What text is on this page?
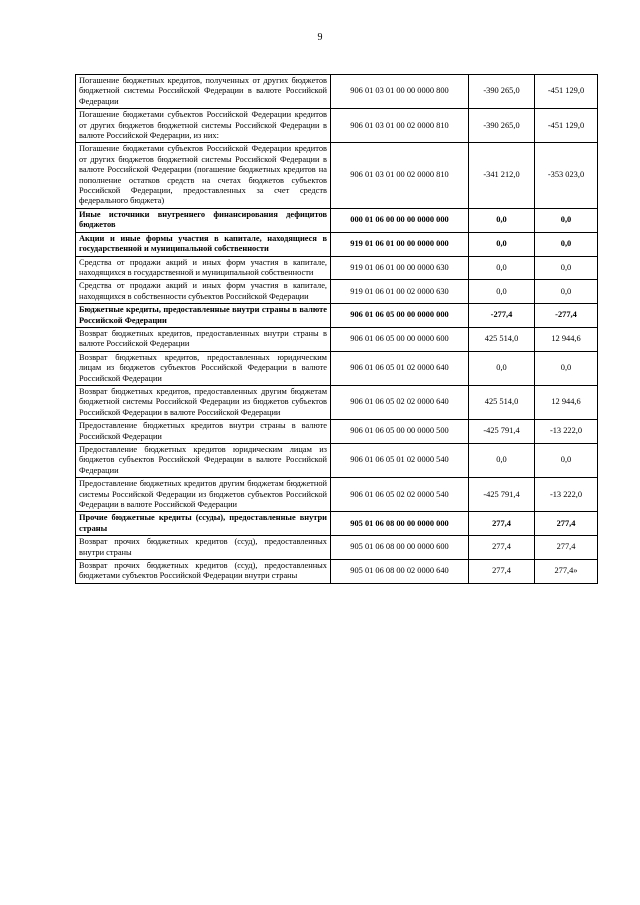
9
Погашение бюджетных кредитов, полученных от других бюджетов бюджетной системы Российской Федерации в валюте Российской Федерации	906 01 03 01 00 00 0000 800	-390 265,0	-451 129,0
Погашение бюджетами субъектов Российской Федерации кредитов от других бюджетов бюджетной системы Российской Федерации в валюте Российской Федерации, из них:	906 01 03 01 00 02 0000 810	-390 265,0	-451 129,0
Погашение бюджетами субъектов Российской Федерации кредитов от других бюджетов бюджетной системы Российской Федерации в валюте Российской Федерации (погашение бюджетных кредитов на пополнение остатков средств на счетах бюджетов субъектов Российской Федерации, предоставленных за счет средств федерального бюджета)	906 01 03 01 00 02 0000 810	-341 212,0	-353 023,0
Иные источники внутреннего финансирования дефицитов бюджетов	000 01 06 00 00 00 0000 000	0,0	0,0
Акции и иные формы участия в капитале, находящиеся в государственной и муниципальной собственности	919 01 06 01 00 00 0000 000	0,0	0,0
Средства от продажи акций и иных форм участия в капитале, находящихся в государственной и муниципальной собственности	919 01 06 01 00 00 0000 630	0,0	0,0
Средства от продажи акций и иных форм участия в капитале, находящихся в собственности субъектов Российской Федерации	919 01 06 01 00 02 0000 630	0,0	0,0
Бюджетные кредиты, предоставленные внутри страны в валюте Российской Федерации	906 01 06 05 00 00 0000 000	-277,4	-277,4
Возврат бюджетных кредитов, предоставленных внутри страны в валюте Российской Федерации	906 01 06 05 00 00 0000 600	425 514,0	12 944,6
Возврат бюджетных кредитов, предоставленных юридическим лицам из бюджетов субъектов Российской Федерации в валюте Российской Федерации	906 01 06 05 01 02 0000 640	0,0	0,0
Возврат бюджетных кредитов, предоставленных другим бюджетам бюджетной системы Российской Федерации из бюджетов субъектов Российской Федерации в валюте Российской Федерации	906 01 06 05 02 02 0000 640	425 514,0	12 944,6
Предоставление бюджетных кредитов внутри страны в валюте Российской Федерации	906 01 06 05 00 00 0000 500	-425 791,4	-13 222,0
Предоставление бюджетных кредитов юридическим лицам из бюджетов субъектов Российской Федерации в валюте Российской Федерации	906 01 06 05 01 02 0000 540	0,0	0,0
Предоставление бюджетных кредитов другим бюджетам бюджетной системы Российской Федерации из бюджетов субъектов Российской Федерации в валюте Российской Федерации	906 01 06 05 02 02 0000 540	-425 791,4	-13 222,0
Прочие бюджетные кредиты (ссуды), предоставленные внутри страны	905 01 06 08 00 00 0000 000	277,4	277,4
Возврат прочих бюджетных кредитов (ссуд), предоставленных внутри страны	905 01 06 08 00 00 0000 600	277,4	277,4
Возврат прочих бюджетных кредитов (ссуд), предоставленных бюджетами субъектов Российской Федерации внутри страны	905 01 06 08 00 02 0000 640	277,4	277,4»
